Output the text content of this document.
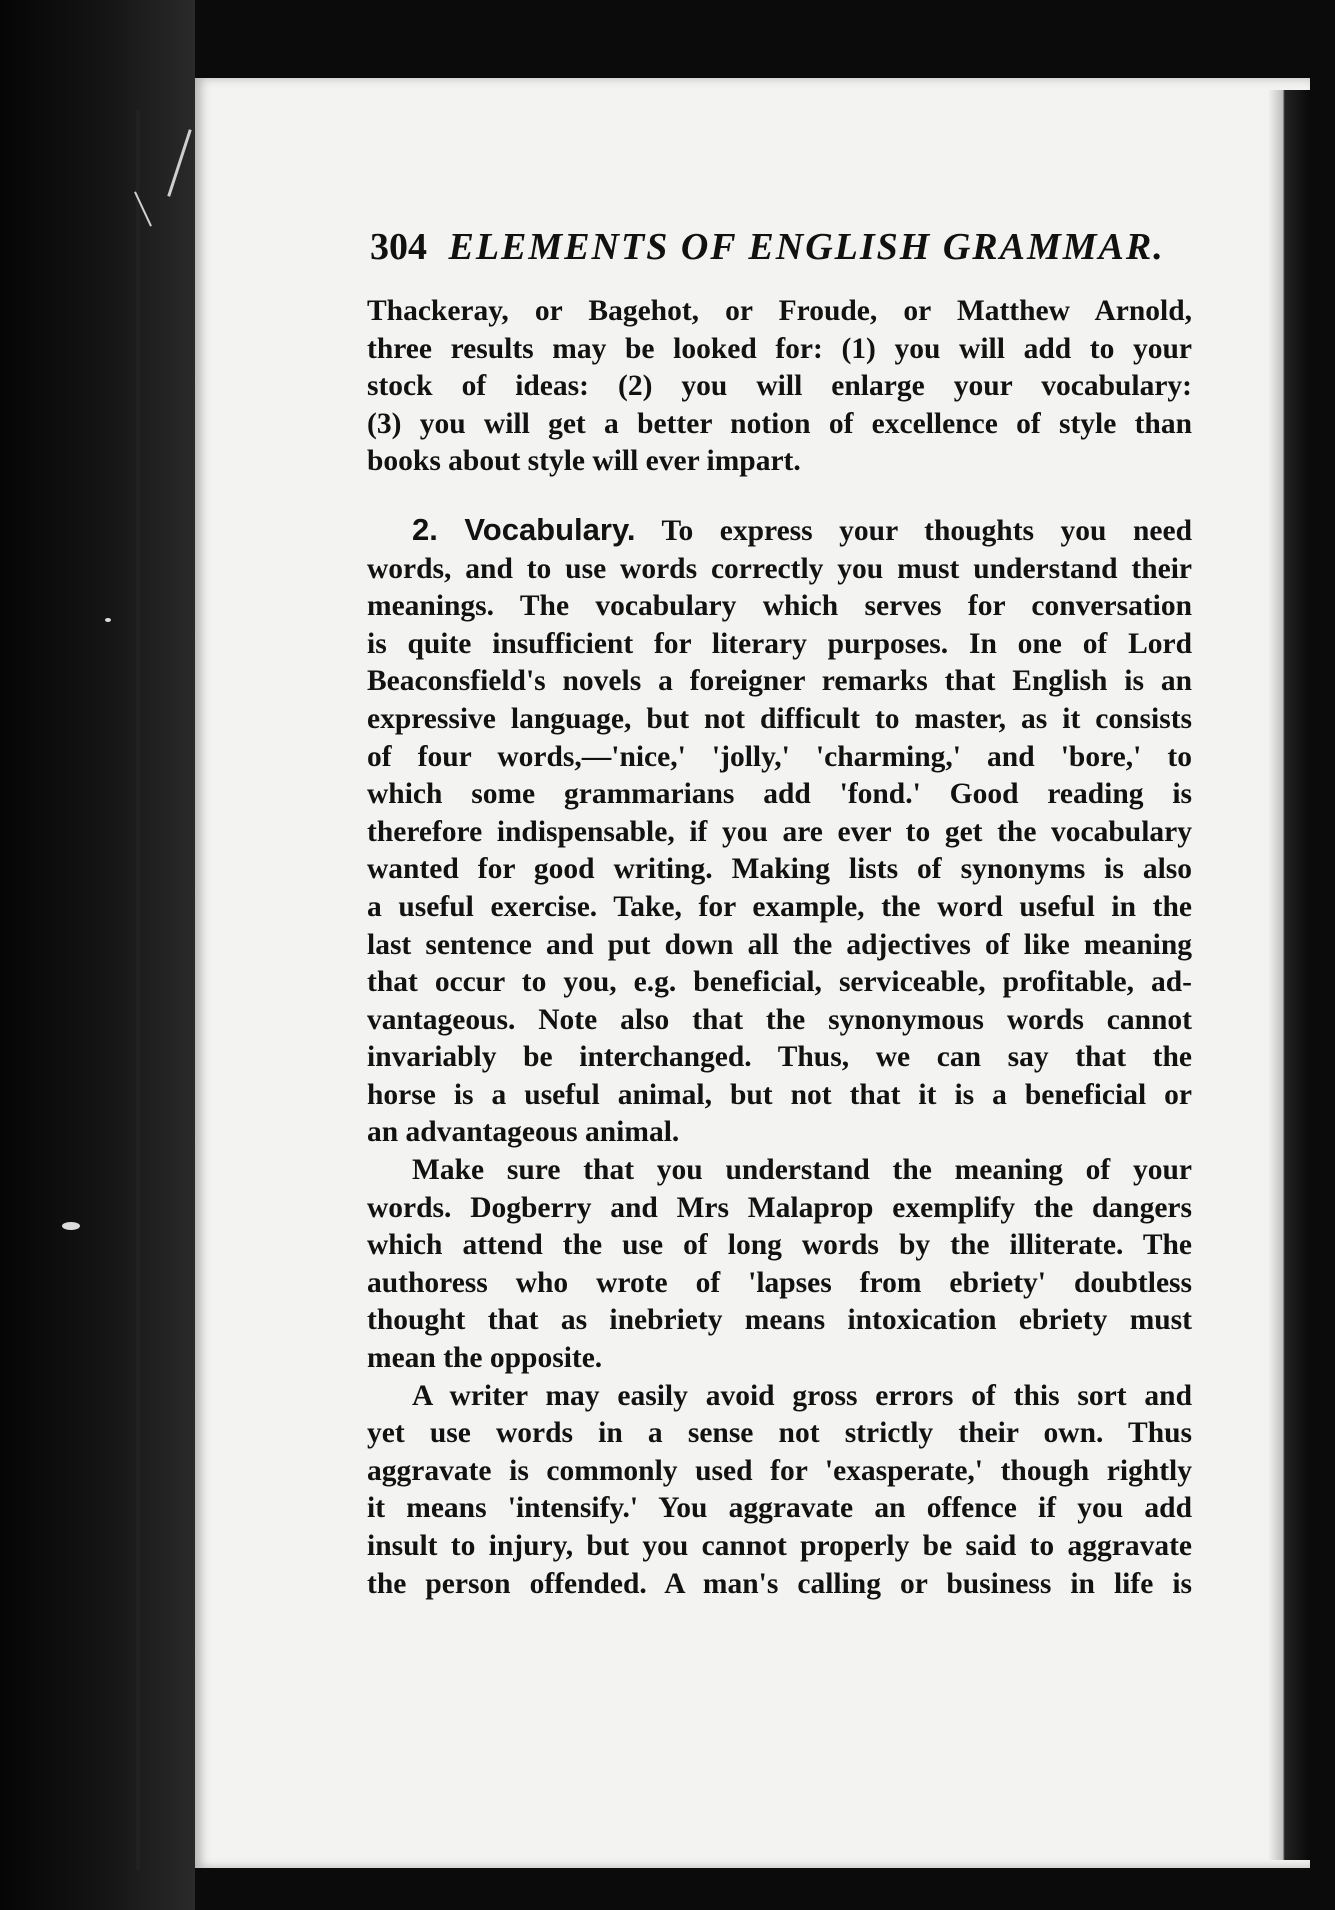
304 ELEMENTS OF ENGLISH GRAMMAR.
Thackeray, or Bagehot, or Froude, or Matthew Arnold,
three results may be looked for: (1) you will add to your
stock of ideas: (2) you will enlarge your vocabulary:
(3) you will get a better notion of excellence of style than
books about style will ever impart.
2. Vocabulary. To express your thoughts you need
words, and to use words correctly you must understand their
meanings. The vocabulary which serves for conversation
is quite insufficient for literary purposes. In one of Lord
Beaconsfield's novels a foreigner remarks that English is an
expressive language, but not difficult to master, as it consists
of four words,—'nice,' 'jolly,' 'charming,' and 'bore,' to
which some grammarians add 'fond.' Good reading is
therefore indispensable, if you are ever to get the vocabulary
wanted for good writing. Making lists of synonyms is also
a useful exercise. Take, for example, the word useful in the
last sentence and put down all the adjectives of like meaning
that occur to you, e.g. beneficial, serviceable, profitable, ad-
vantageous. Note also that the synonymous words cannot
invariably be interchanged. Thus, we can say that the
horse is a useful animal, but not that it is a beneficial or
an advantageous animal.
Make sure that you understand the meaning of your
words. Dogberry and Mrs Malaprop exemplify the dangers
which attend the use of long words by the illiterate. The
authoress who wrote of 'lapses from ebriety' doubtless
thought that as inebriety means intoxication ebriety must
mean the opposite.
A writer may easily avoid gross errors of this sort and
yet use words in a sense not strictly their own. Thus
aggravate is commonly used for 'exasperate,' though rightly
it means 'intensify.' You aggravate an offence if you add
insult to injury, but you cannot properly be said to aggravate
the person offended. A man's calling or business in life is
